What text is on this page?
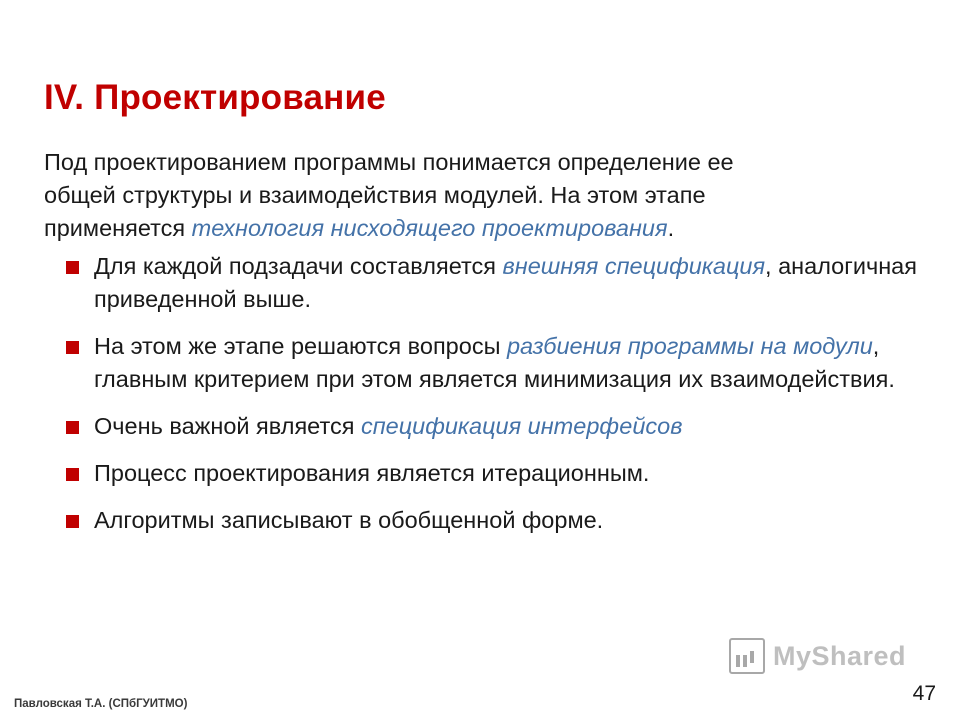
IV. Проектирование
Под проектированием программы понимается определение ее
общей структуры и взаимодействия модулей. На этом этапе
применяется технология нисходящего проектирования.
Для каждой подзадачи составляется внешняя спецификация, аналогичная приведенной выше.
На этом же этапе решаются вопросы разбиения программы на модули, главным критерием при этом является минимизация их взаимодействия.
Очень важной является спецификация интерфейсов
Процесс проектирования является итерационным.
Алгоритмы записывают в обобщенной форме.
MyShared
Павловская Т.А. (СПбГУИТМО)	47
